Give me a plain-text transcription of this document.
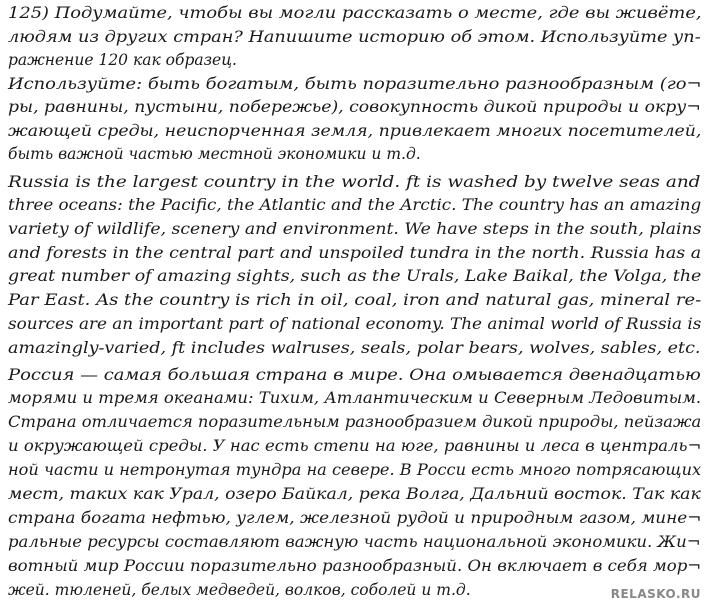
125) Подумайте, чтобы вы могли рассказать о месте, где вы живёте,
людям из других стран? Напишите историю об этом. Используйте уп-
ражнение 120 как образец.
Используйте: быть богатым, быть поразительно разнообразным (го¬
ры, равнины, пустыни, побережье), совокупность дикой природы и окру¬
жающей среды, неиспорченная земля, привлекает многих посетителей,
быть важной частью местной экономики и т.д.
Russia is the largest country in the world. ft is washed by twelve seas and
three oceans: the Pacific, the Atlantic and the Arctic. The country has an amazing
variety of wildlife, scenery and environment. We have steps in the south, plains
and forests in the central part and unspoiled tundra in the north. Russia has a
great number of amazing sights, such as the Urals, Lake Baikal, the Volga, the
Par East. As the country is rich in oil, coal, iron and natural gas, mineral re-
sources are an important part of national economy. The animal world of Russia is
amazingly-varied, ft includes walruses, seals, polar bears, wolves, sables, etc.
Россия — самая большая страна в мире. Она омывается двенадцатью
морями и тремя океанами: Тихим, Атлантическим и Северным Ледовитым.
Страна отличается поразительным разнообразием дикой природы, пейзажа
и окружающей среды. У нас есть степи на юге, равнины и леса в централь¬
ной части и нетронутая тундра на севере. В Росси есть много потрясающих
мест, таких как Урал, озеро Байкал, река Волга, Дальний восток. Так как
страна богата нефтью, углем, железной рудой и природным газом, мине¬
ральные ресурсы составляют важную часть национальной экономики. Жи¬
вотный мир России поразительно разнообразный. Он включает в себя мор¬
жей. тюленей, белых медведей, волков, соболей и т.д.	RELASKO.RU
